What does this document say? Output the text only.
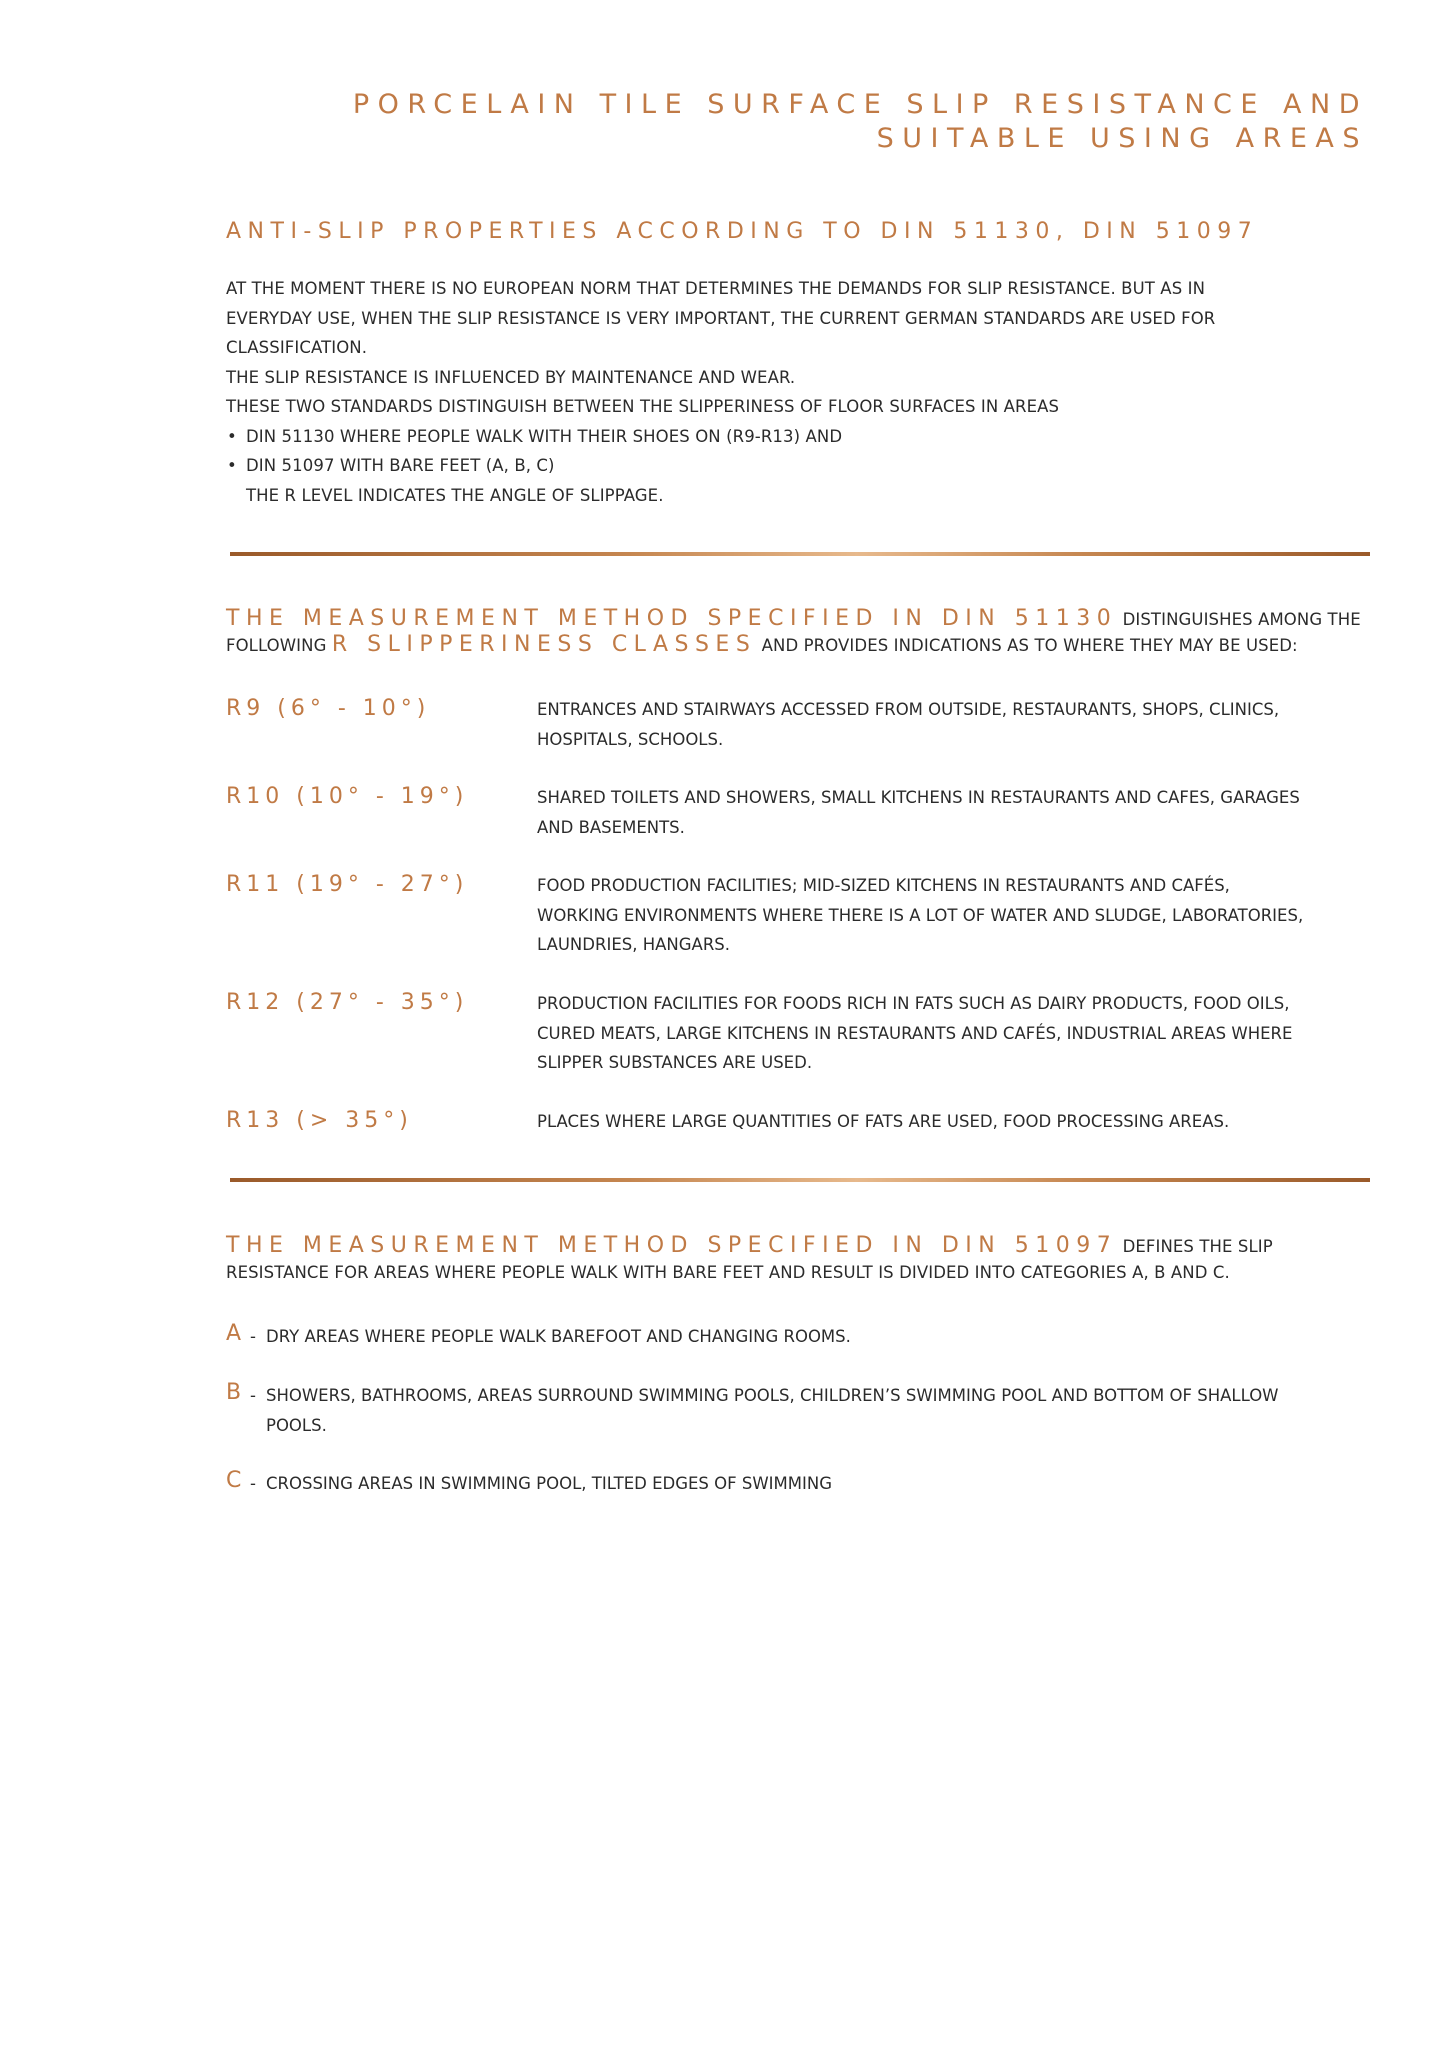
PORCELAIN TILE SURFACE SLIP RESISTANCE AND
SUITABLE USING AREAS
ANTI-SLIP PROPERTIES ACCORDING TO DIN 51130, DIN 51097

AT THE MOMENT THERE IS NO EUROPEAN NORM THAT DETERMINES THE DEMANDS FOR SLIP RESISTANCE. BUT AS IN

EVERYDAY USE, WHEN THE SLIP RESISTANCE IS VERY IMPORTANT, THE CURRENT GERMAN STANDARDS ARE USED FOR

CLASSIFICATION.

THE SLIP RESISTANCE IS INFLUENCED BY MAINTENANCE AND WEAR.

THESE TWO STANDARDS DISTINGUISH BETWEEN THE SLIPPERINESS OF FLOOR SURFACES IN AREAS

• DIN 51130 WHERE PEOPLE WALK WITH THEIR SHOES ON (R9-R13) AND
• DIN 51097 WITH BARE FEET (A, B, C)

THE R LEVEL INDICATES THE ANGLE OF SLIPPAGE.

THE MEASUREMENT METHOD SPECIFIED IN DIN 51130 DISTINGUISHES AMONG THE
FOLLOWING R SLIPPERINESS CLASSES AND PROVIDES INDICATIONS AS TO WHERE THEY MAY BE USED:
R9 (6° - 10°)	ENTRANCES AND STAIRWAYS ACCESSED FROM OUTSIDE, RESTAURANTS, SHOPS, CLINICS,
HOSPITALS, SCHOOLS.
R10 (10° - 19°)	SHARED TOILETS AND SHOWERS, SMALL KITCHENS IN RESTAURANTS AND CAFES, GARAGES
AND BASEMENTS.
R11 (19° - 27°)	FOOD PRODUCTION FACILITIES; MID-SIZED KITCHENS IN RESTAURANTS AND CAFÉS,
WORKING ENVIRONMENTS WHERE THERE IS A LOT OF WATER AND SLUDGE, LABORATORIES,
LAUNDRIES, HANGARS.
R12 (27° - 35°)	PRODUCTION FACILITIES FOR FOODS RICH IN FATS SUCH AS DAIRY PRODUCTS, FOOD OILS,
CURED MEATS, LARGE KITCHENS IN RESTAURANTS AND CAFÉS, INDUSTRIAL AREAS WHERE
SLIPPER SUBSTANCES ARE USED.
R13 (> 35°)	PLACES WHERE LARGE QUANTITIES OF FATS ARE USED, FOOD PROCESSING AREAS.
THE MEASUREMENT METHOD SPECIFIED IN DIN 51097 DEFINES THE SLIP
RESISTANCE FOR AREAS WHERE PEOPLE WALK WITH BARE FEET AND RESULT IS DIVIDED INTO CATEGORIES A, B AND C.
A - DRY AREAS WHERE PEOPLE WALK BAREFOOT AND CHANGING ROOMS.
B - SHOWERS, BATHROOMS, AREAS SURROUND SWIMMING POOLS, CHILDREN’S SWIMMING POOL AND BOTTOM OF SHALLOW
POOLS.
C - CROSSING AREAS IN SWIMMING POOL, TILTED EDGES OF SWIMMING
